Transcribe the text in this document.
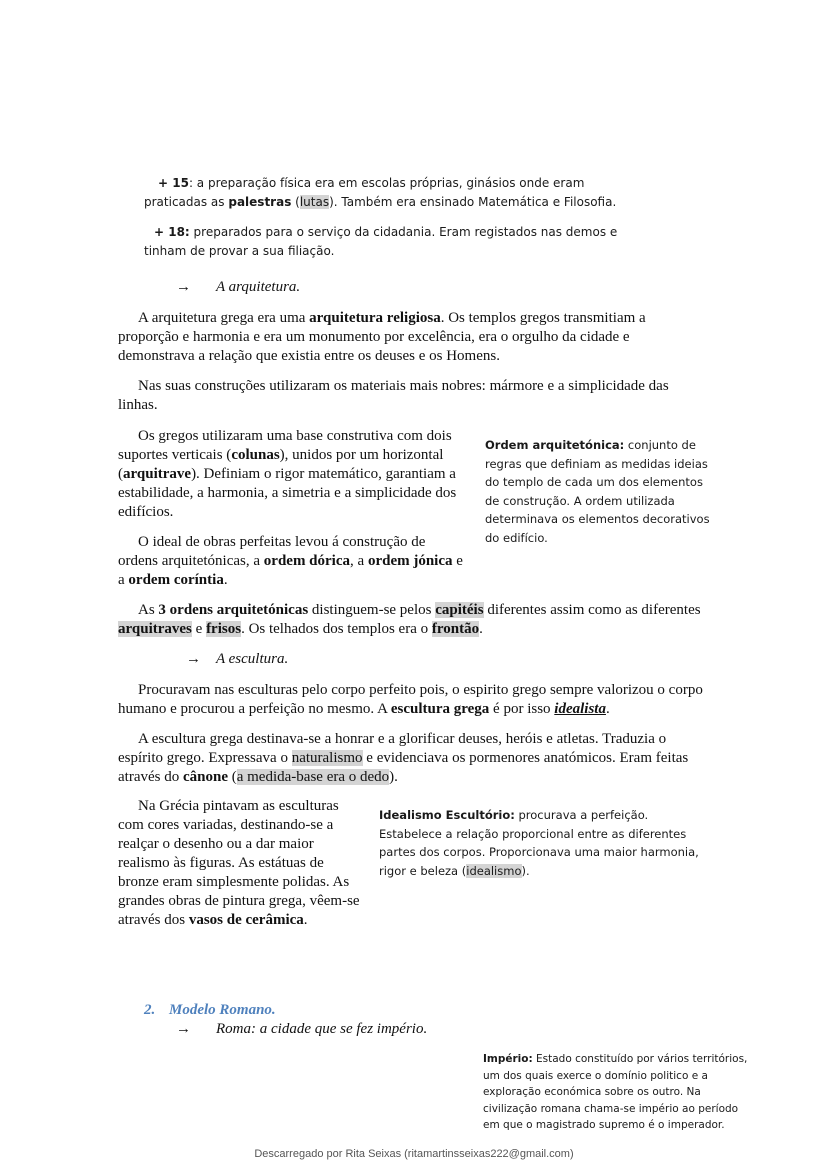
+ 15: a preparação física era em escolas próprias, ginásios onde eram praticadas as palestras (lutas). Também era ensinado Matemática e Filosofia.
+ 18: preparados para o serviço da cidadania. Eram registados nas demos e tinham de provar a sua filiação.
→ A arquitetura.

A arquitetura grega era uma arquitetura religiosa. Os templos gregos transmitiam a proporção e harmonia e era um monumento por excelência, era o orgulho da cidade e demonstrava a relação que existia entre os deuses e os Homens.

Nas suas construções utilizaram os materiais mais nobres: mármore e a simplicidade das linhas.

Os gregos utilizaram uma base construtiva com dois suportes verticais (colunas), unidos por um horizontal (arquitrave). Definiam o rigor matemático, garantiam a estabilidade, a harmonia, a simetria e a simplicidade dos edifícios.

O ideal de obras perfeitas levou á construção de ordens arquitetónicas, a ordem dórica, a ordem jónica e a ordem coríntia.

Ordem arquitetónica: conjunto de regras que definiam as medidas ideias do templo de cada um dos elementos de construção. A ordem utilizada determinava os elementos decorativos do edifício.

As 3 ordens arquitetónicas distinguem-se pelos capitéis diferentes assim como as diferentes arquitraves e frisos. Os telhados dos templos era o frontão.

→ A escultura.

Procuravam nas esculturas pelo corpo perfeito pois, o espirito grego sempre valorizou o corpo humano e procurou a perfeição no mesmo. A escultura grega é por isso idealista.

A escultura grega destinava-se a honrar e a glorificar deuses, heróis e atletas. Traduzia o espírito grego. Expressava o naturalismo e evidenciava os pormenores anatómicos. Eram feitas através do cânone (a medida-base era o dedo).

Na Grécia pintavam as esculturas com cores variadas, destinando-se a realçar o desenho ou a dar maior realismo às figuras. As estátuas de bronze eram simplesmente polidas. As grandes obras de pintura grega, vêem-se através dos vasos de cerâmica.

Idealismo Escultório: procurava a perfeição. Estabelece a relação proporcional entre as diferentes partes dos corpos. Proporcionava uma maior harmonia, rigor e beleza (idealismo).
2. Modelo Romano.
→ Roma: a cidade que se fez império.
Império: Estado constituído por vários territórios, um dos quais exerce o domínio politico e a exploração económica sobre os outro. Na civilização romana chama-se império ao período em que o magistrado supremo é o imperador.
Descarregado por Rita Seixas (ritamartinsseixas222@gmail.com)
